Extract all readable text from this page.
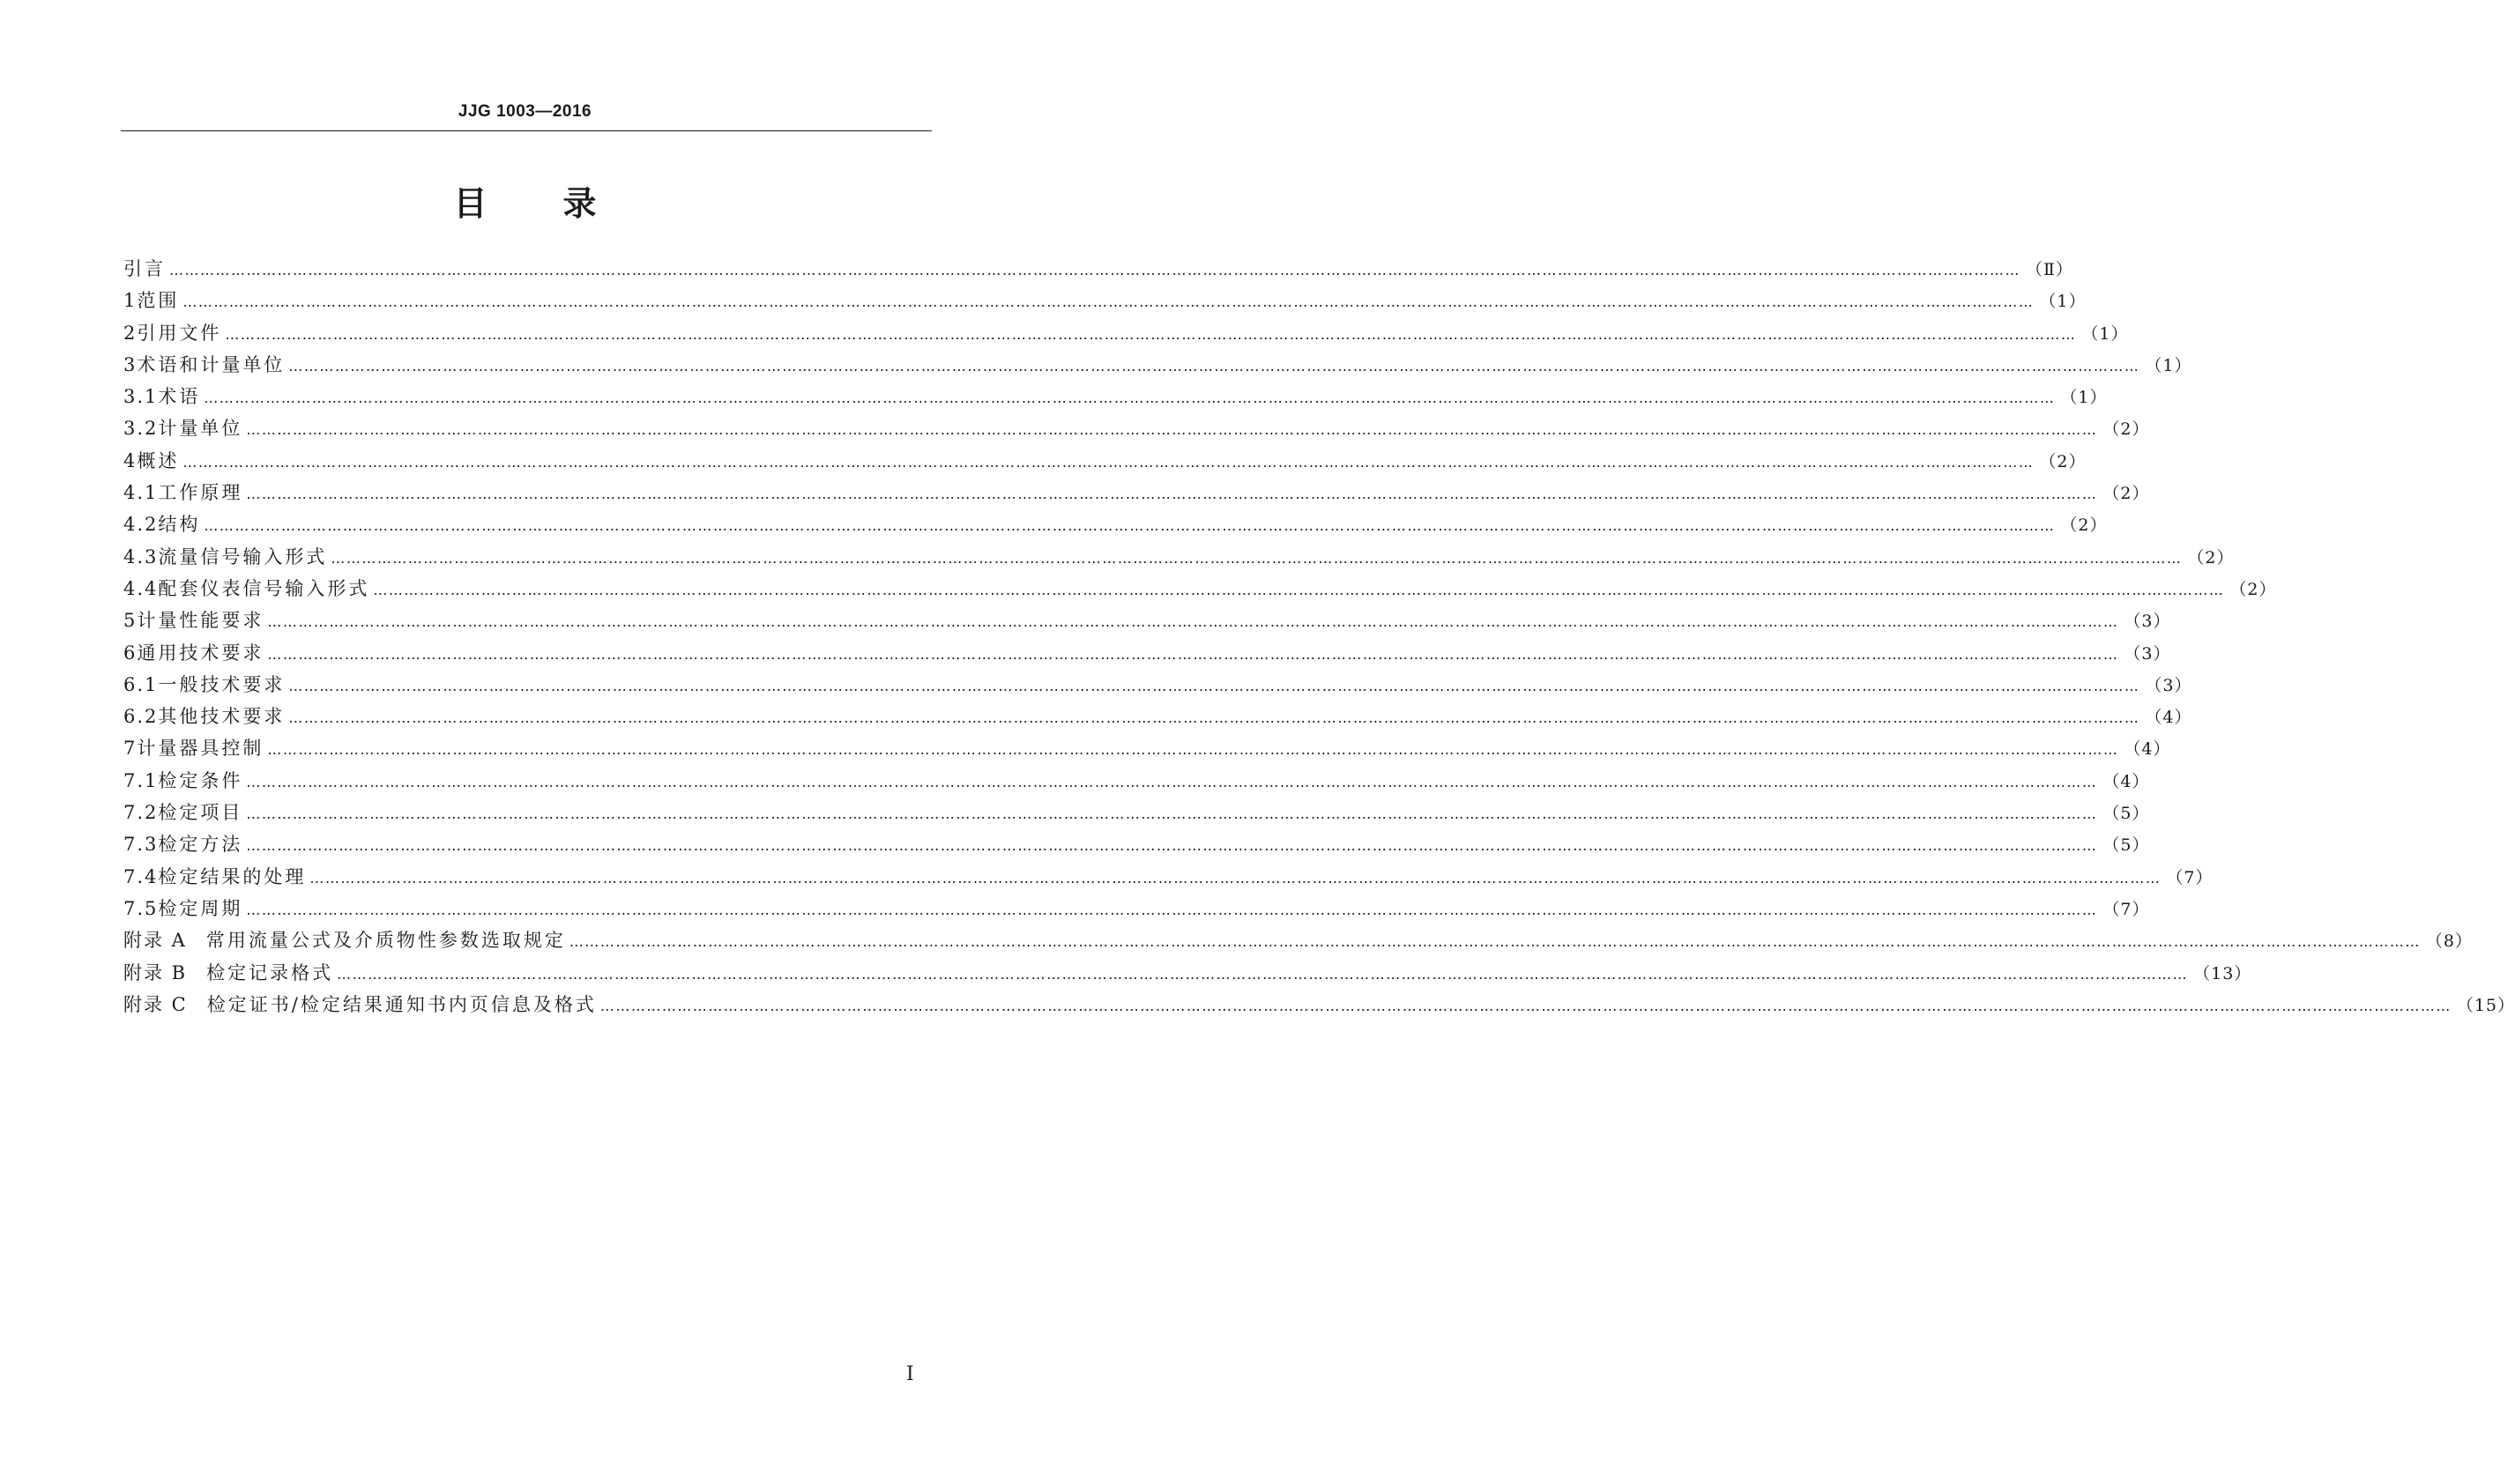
JJG 1003—2016
目录
引言 ……………………………………………………………………………………………………………………………………………………………………………………………………………………………………………………………………………………………………………………………… （Ⅱ）
1 范围 ……………………………………………………………………………………………………………………………………………………………………………………………………………………………………………………………………………………………………………………………… （1）
2 引用文件 ……………………………………………………………………………………………………………………………………………………………………………………………………………………………………………………………………………………………………………………………… （1）
3 术语和计量单位 ……………………………………………………………………………………………………………………………………………………………………………………………………………………………………………………………………………………………………………………………… （1）
3.1 术语 ……………………………………………………………………………………………………………………………………………………………………………………………………………………………………………………………………………………………………………………………… （1）
3.2 计量单位 ……………………………………………………………………………………………………………………………………………………………………………………………………………………………………………………………………………………………………………………………… （2）
4 概述 ……………………………………………………………………………………………………………………………………………………………………………………………………………………………………………………………………………………………………………………………… （2）
4.1 工作原理 ……………………………………………………………………………………………………………………………………………………………………………………………………………………………………………………………………………………………………………………………… （2）
4.2 结构 ……………………………………………………………………………………………………………………………………………………………………………………………………………………………………………………………………………………………………………………………… （2）
4.3 流量信号输入形式 ……………………………………………………………………………………………………………………………………………………………………………………………………………………………………………………………………………………………………………………………… （2）
4.4 配套仪表信号输入形式 ……………………………………………………………………………………………………………………………………………………………………………………………………………………………………………………………………………………………………………………………… （2）
5 计量性能要求 ……………………………………………………………………………………………………………………………………………………………………………………………………………………………………………………………………………………………………………………………… （3）
6 通用技术要求 ……………………………………………………………………………………………………………………………………………………………………………………………………………………………………………………………………………………………………………………………… （3）
6.1 一般技术要求 ……………………………………………………………………………………………………………………………………………………………………………………………………………………………………………………………………………………………………………………………… （3）
6.2 其他技术要求 ……………………………………………………………………………………………………………………………………………………………………………………………………………………………………………………………………………………………………………………………… （4）
7 计量器具控制 ……………………………………………………………………………………………………………………………………………………………………………………………………………………………………………………………………………………………………………………………… （4）
7.1 检定条件 ……………………………………………………………………………………………………………………………………………………………………………………………………………………………………………………………………………………………………………………………… （4）
7.2 检定项目 ……………………………………………………………………………………………………………………………………………………………………………………………………………………………………………………………………………………………………………………………… （5）
7.3 检定方法 ……………………………………………………………………………………………………………………………………………………………………………………………………………………………………………………………………………………………………………………………… （5）
7.4 检定结果的处理 ……………………………………………………………………………………………………………………………………………………………………………………………………………………………………………………………………………………………………………………………… （7）
7.5 检定周期 ……………………………………………………………………………………………………………………………………………………………………………………………………………………………………………………………………………………………………………………………… （7）
附录 A 常用流量公式及介质物性参数选取规定 ……………………………………………………………………………………………………………………………………………………………………………………………………………………………………………………………………………………………………………………………… （8）
附录 B 检定记录格式 ……………………………………………………………………………………………………………………………………………………………………………………………………………………………………………………………………………………………………………………………… （13）
附录 C 检定证书/检定结果通知书内页信息及格式 ……………………………………………………………………………………………………………………………………………………………………………………………………………………………………………………………………………………………………………………………… （15）
Ⅰ
